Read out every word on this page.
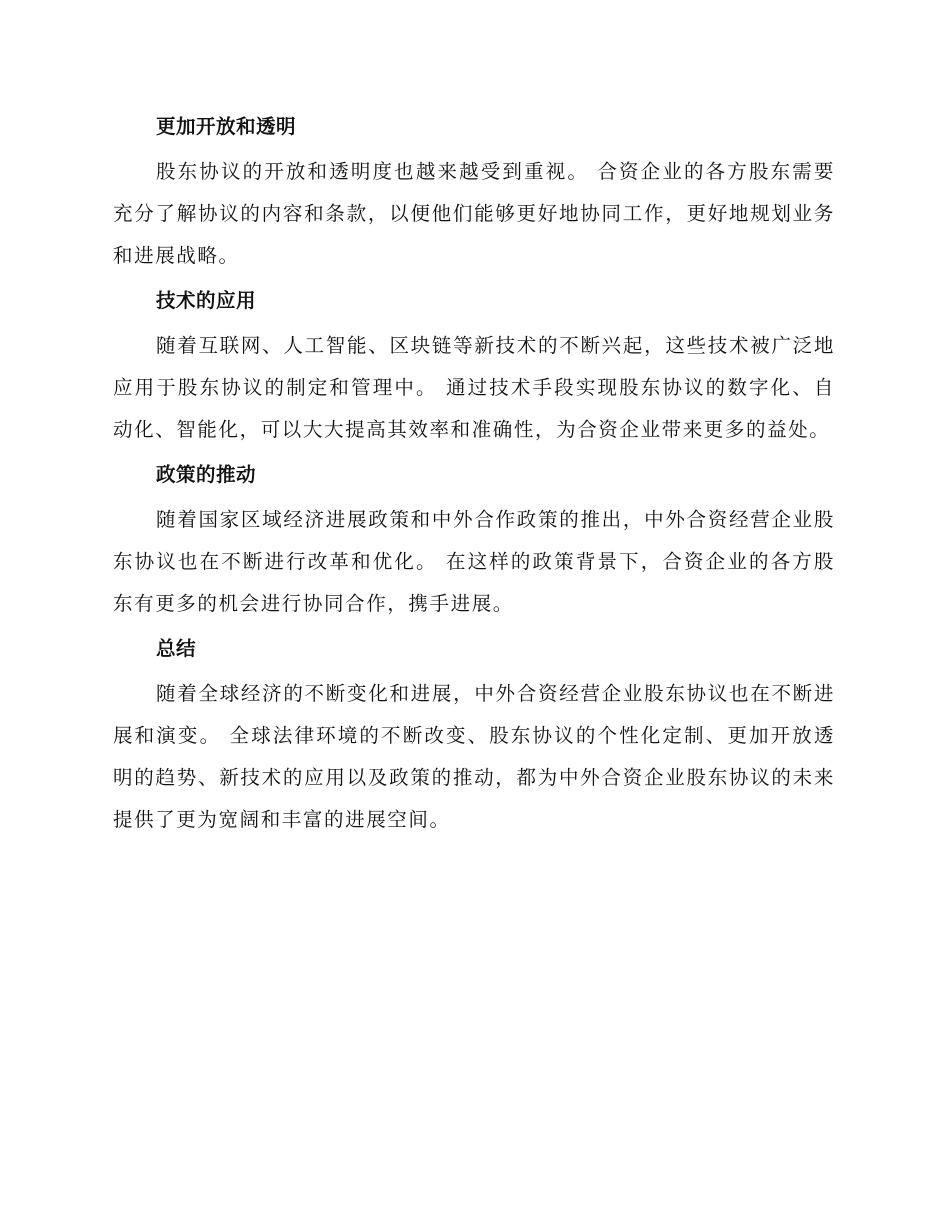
更加开放和透明

股东协议的开放和透明度也越来越受到重视。 合资企业的各方股东需要充分了解协议的内容和条款，以便他们能够更好地协同工作，更好地规划业务和进展战略。

技术的应用

随着互联网、人工智能、区块链等新技术的不断兴起，这些技术被广泛地应用于股东协议的制定和管理中。 通过技术手段实现股东协议的数字化、自动化、智能化，可以大大提高其效率和准确性，为合资企业带来更多的益处。

政策的推动

随着国家区域经济进展政策和中外合作政策的推出，中外合资经营企业股东协议也在不断进行改革和优化。 在这样的政策背景下，合资企业的各方股东有更多的机会进行协同合作，携手进展。

总结

随着全球经济的不断变化和进展，中外合资经营企业股东协议也在不断进展和演变。 全球法律环境的不断改变、股东协议的个性化定制、更加开放透明的趋势、新技术的应用以及政策的推动，都为中外合资企业股东协议的未来提供了更为宽阔和丰富的进展空间。
